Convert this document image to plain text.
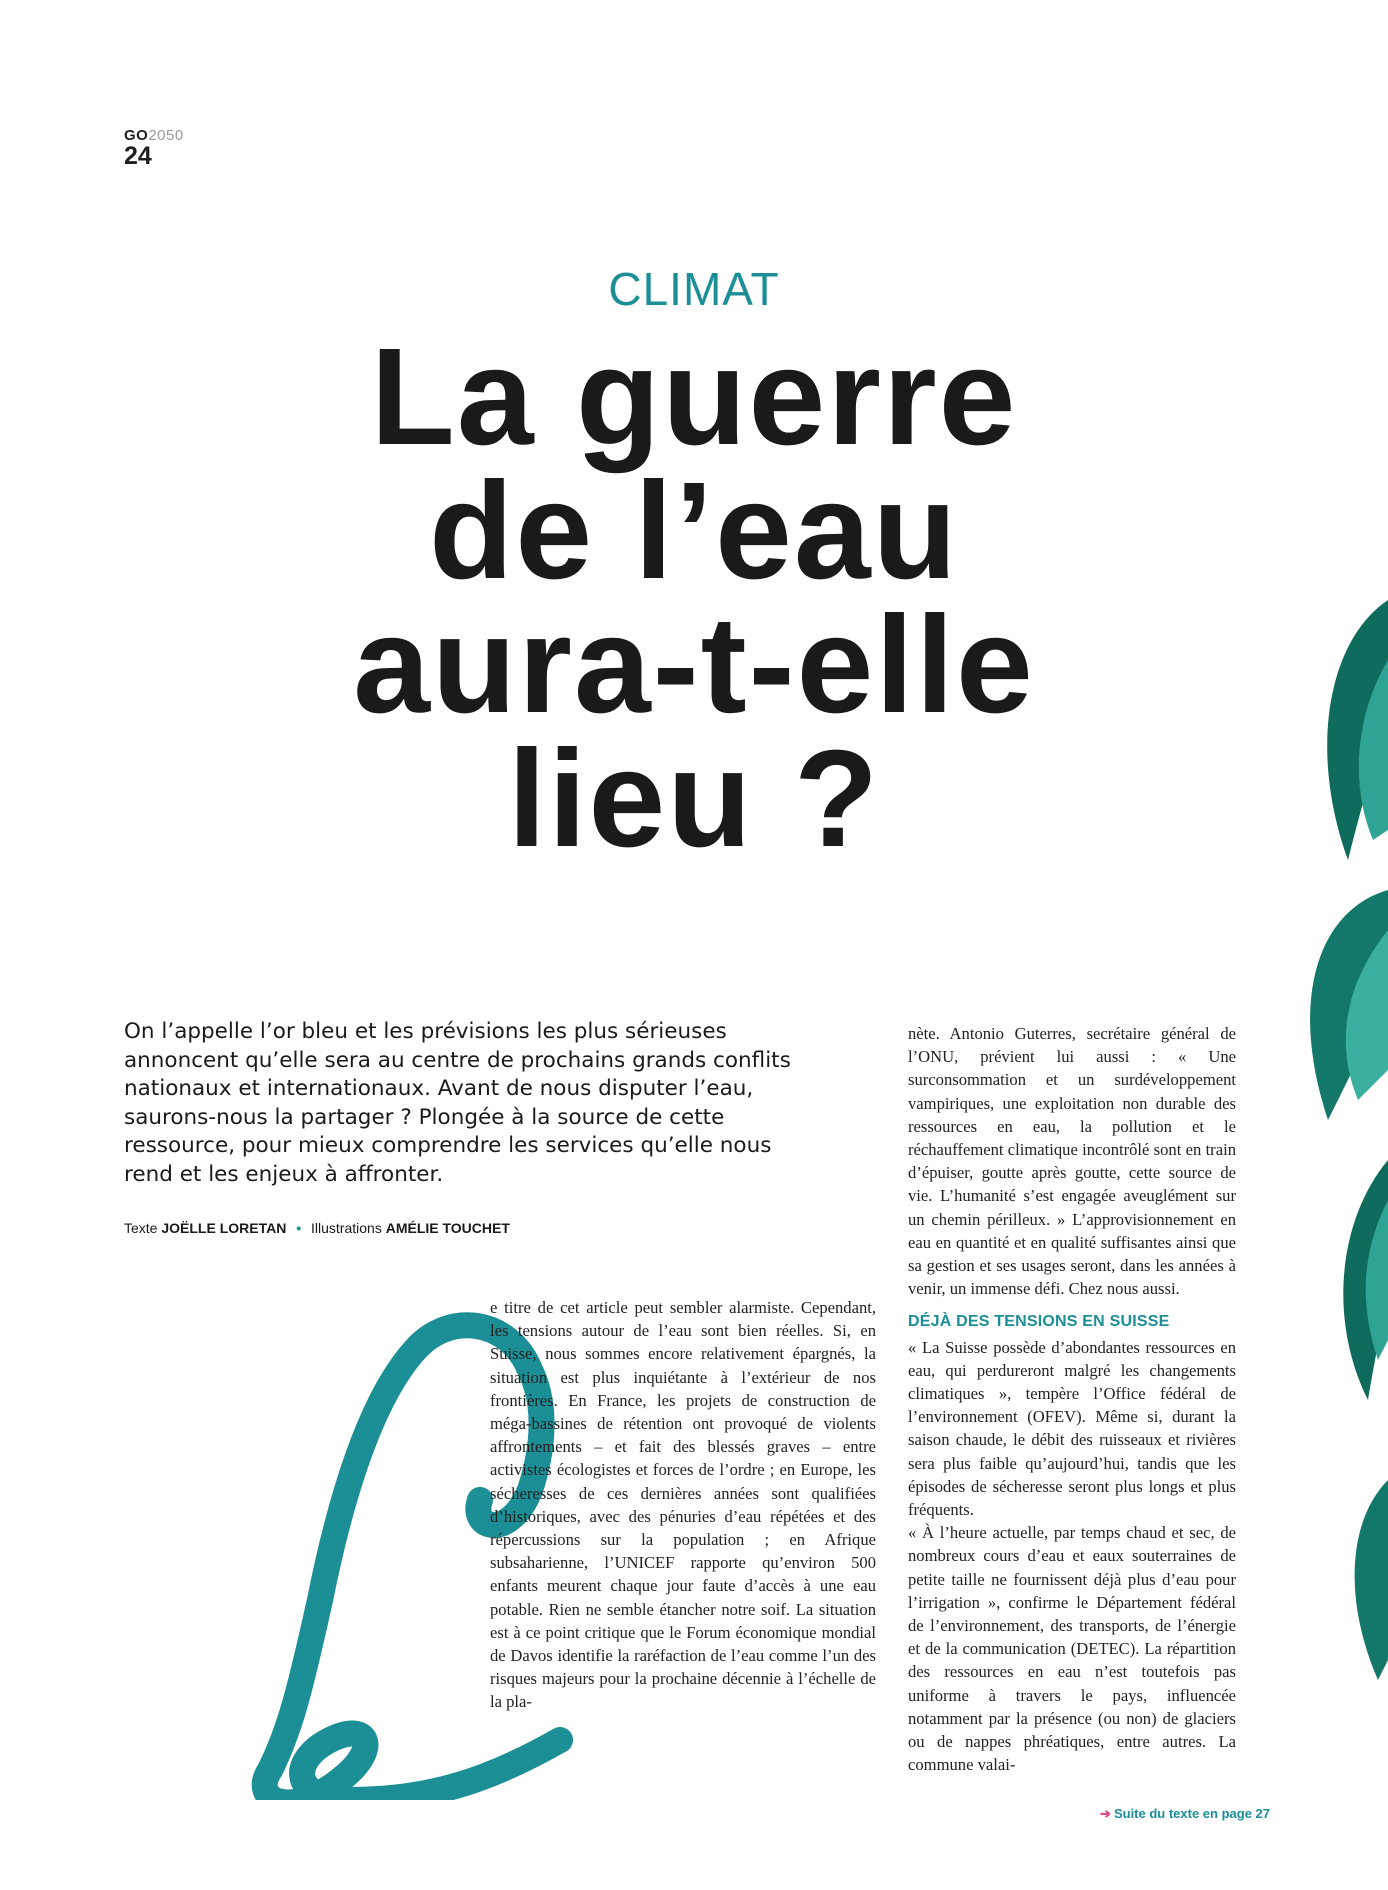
GO2050
24
CLIMAT
La guerre
de l’eau
aura-t-elle
lieu ?
On l’appelle l’or bleu et les prévisions les plus sérieuses annoncent qu’elle sera au centre de prochains grands conflits nationaux et internationaux. Avant de nous disputer l’eau, saurons-nous la partager ? Plongée à la source de cette ressource, pour mieux comprendre les services qu’elle nous rend et les enjeux à affronter.
Texte JOËLLE LORETAN • Illustrations AMÉLIE TOUCHET

e titre de cet article peut sembler alarmiste. Cependant, les tensions autour de l’eau sont bien réelles. Si, en Suisse, nous sommes encore relativement épargnés, la situation est plus inquiétante à l’extérieur de nos frontières. En France, les projets de construction de méga-bassines de rétention ont provoqué de violents affrontements – et fait des blessés graves – entre activistes écologistes et forces de l’ordre ; en Europe, les sécheresses de ces dernières années sont qualifiées d’historiques, avec des pénuries d’eau répétées et des répercussions sur la population ; en Afrique subsaharienne, l’UNICEF rapporte qu’environ 500 enfants meurent chaque jour faute d’accès à une eau potable. Rien ne semble étancher notre soif. La situation est à ce point critique que le Forum économique mondial de Davos identifie la raréfaction de l’eau comme l’un des risques majeurs pour la prochaine décennie à l’échelle de la pla-

nète. Antonio Guterres, secrétaire général de l’ONU, prévient lui aussi : « Une surconsommation et un surdéveloppement vampiriques, une exploitation non durable des ressources en eau, la pollution et le réchauffement climatique incontrôlé sont en train d’épuiser, goutte après goutte, cette source de vie. L’humanité s’est engagée aveuglément sur un chemin périlleux. » L’approvisionnement en eau en quantité et en qualité suffisantes ainsi que sa gestion et ses usages seront, dans les années à venir, un immense défi. Chez nous aussi.

DÉJÀ DES TENSIONS EN SUISSE

« La Suisse possède d’abondantes ressources en eau, qui perdureront malgré les changements climatiques », tempère l’Office fédéral de l’environnement (OFEV). Même si, durant la saison chaude, le débit des ruisseaux et rivières sera plus faible qu’aujourd’hui, tandis que les épisodes de sécheresse seront plus longs et plus fréquents.

« À l’heure actuelle, par temps chaud et sec, de nombreux cours d’eau et eaux souterraines de petite taille ne fournissent déjà plus d’eau pour l’irrigation », confirme le Département fédéral de l’environnement, des transports, de l’énergie et de la communication (DETEC). La répartition des ressources en eau n’est toutefois pas uniforme à travers le pays, influencée notamment par la présence (ou non) de glaciers ou de nappes phréatiques, entre autres. La commune valai-

➔ Suite du texte en page 27
